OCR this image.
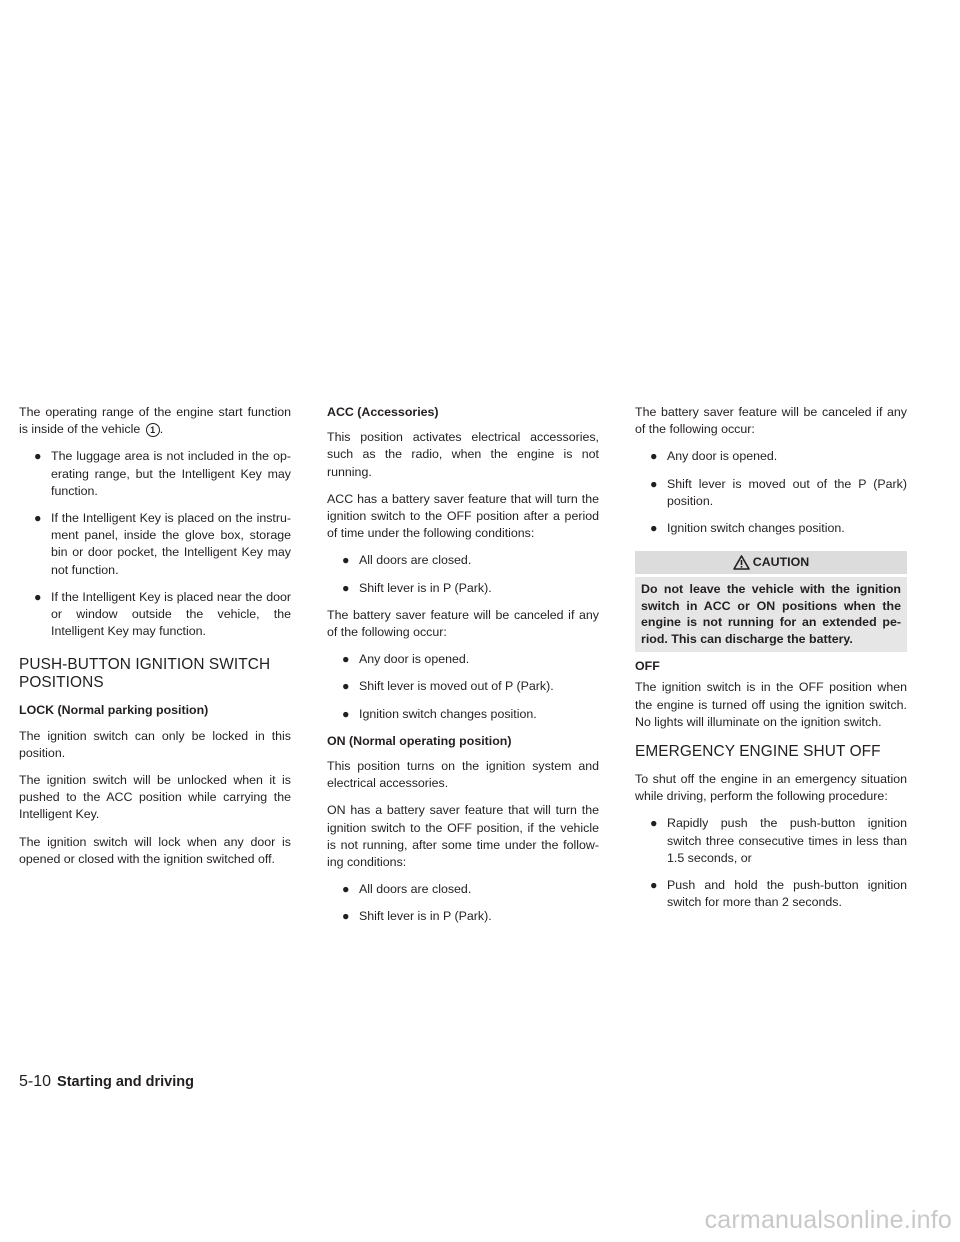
The operating range of the engine start function is inside of the vehicle 1 .

● The luggage area is not included in the op-erating range, but the Intelligent Key may function.
● If the Intelligent Key is placed on the instru-ment panel, inside the glove box, storage bin or door pocket, the Intelligent Key may not function.
● If the Intelligent Key is placed near the door or window outside the vehicle, the Intelligent Key may function.
PUSH-BUTTON IGNITION SWITCH POSITIONS
LOCK (Normal parking position)

The ignition switch can only be locked in this position.

The ignition switch will be unlocked when it is pushed to the ACC position while carrying the Intelligent Key.

The ignition switch will lock when any door is opened or closed with the ignition switched off.

ACC (Accessories)

This position activates electrical accessories, such as the radio, when the engine is not running.

ACC has a battery saver feature that will turn the ignition switch to the OFF position after a period of time under the following conditions:

● All doors are closed.
● Shift lever is in P (Park).

The battery saver feature will be canceled if any of the following occur:

● Any door is opened.
● Shift lever is moved out of P (Park).
● Ignition switch changes position.
ON (Normal operating position)

This position turns on the ignition system and electrical accessories.

ON has a battery saver feature that will turn the ignition switch to the OFF position, if the vehicle is not running, after some time under the follow-ing conditions:

● All doors are closed.
● Shift lever is in P (Park).

The battery saver feature will be canceled if any of the following occur:

● Any door is opened.
● Shift lever is moved out of the P (Park) position.
● Ignition switch changes position.
CAUTION
Do not leave the vehicle with the ignition switch in ACC or ON positions when the engine is not running for an extended pe-riod. This can discharge the battery.
OFF

The ignition switch is in the OFF position when the engine is turned off using the ignition switch. No lights will illuminate on the ignition switch.

EMERGENCY ENGINE SHUT OFF

To shut off the engine in an emergency situation while driving, perform the following procedure:

● Rapidly push the push-button ignition switch three consecutive times in less than 1.5 seconds, or
● Push and hold the push-button ignition switch for more than 2 seconds.
5-10 Starting and driving
carmanualsonline.info
